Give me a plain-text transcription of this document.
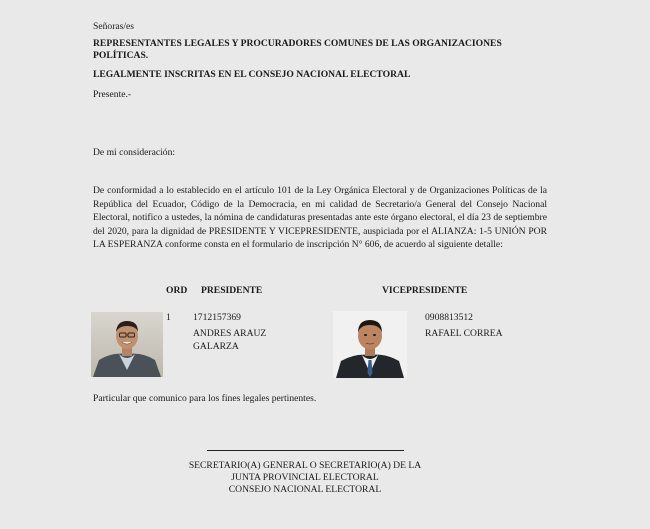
Señoras/es
REPRESENTANTES LEGALES Y PROCURADORES COMUNES DE LAS ORGANIZACIONES
POLÍTICAS.
LEGALMENTE INSCRITAS EN EL CONSEJO NACIONAL ELECTORAL
Presente.-
De mi consideración:
De conformidad a lo establecido en el artículo 101 de la Ley Orgánica Electoral y de Organizaciones Políticas de la República del Ecuador, Código de la Democracia, en mi calidad de Secretario/a General del Consejo Nacional Electoral, notifico a ustedes, la nómina de candidaturas presentadas ante este órgano electoral, el día 23 de septiembre del 2020, para la dignidad de PRESIDENTE Y VICEPRESIDENTE, auspiciada por el ALIANZA: 1-5 UNIÓN POR LA ESPERANZA conforme consta en el formulario de inscripción N° 606, de acuerdo al siguiente detalle:
ORD PRESIDENTE	VICEPRESIDENTE
1 1712157369
ANDRES ARAUZ
GALARZA
0908813512
RAFAEL CORREA
Particular que comunico para los fines legales pertinentes.
SECRETARIO(A) GENERAL O SECRETARIO(A) DE LA
JUNTA PROVINCIAL ELECTORAL
CONSEJO NACIONAL ELECTORAL
